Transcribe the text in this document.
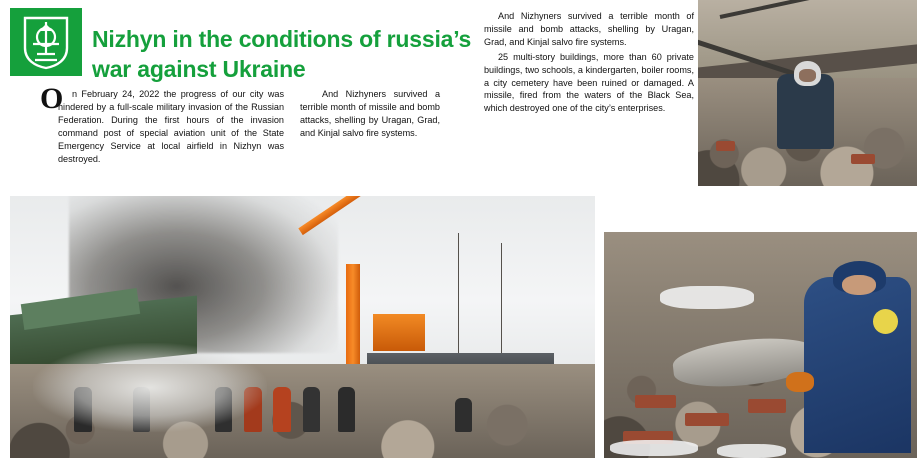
Nizhyn in the conditions of russia’s war against Ukraine
O n February 24, 2022 the progress of our city was hindered by a full-scale military invasion of the Russian Federation. During the first hours of the invasion command post of special aviation unit of the State Emergency Service at local airfield in Nizhyn was destroyed.

And Nizhyners survived a terrible month of missile and bomb attacks, shelling by Uragan, Grad, and Kinjal salvo fire systems.

And Nizhyners survived a terrible month of missile and bomb attacks, shelling by Uragan, Grad, and Kinjal salvo fire systems.

25 multi-story buildings, more than 60 private buildings, two schools, a kindergarten, boiler rooms, a city cemetery have been ruined or damaged. A missile, fired from the waters of the Black Sea, which destroyed one of the city’s enterprises.
